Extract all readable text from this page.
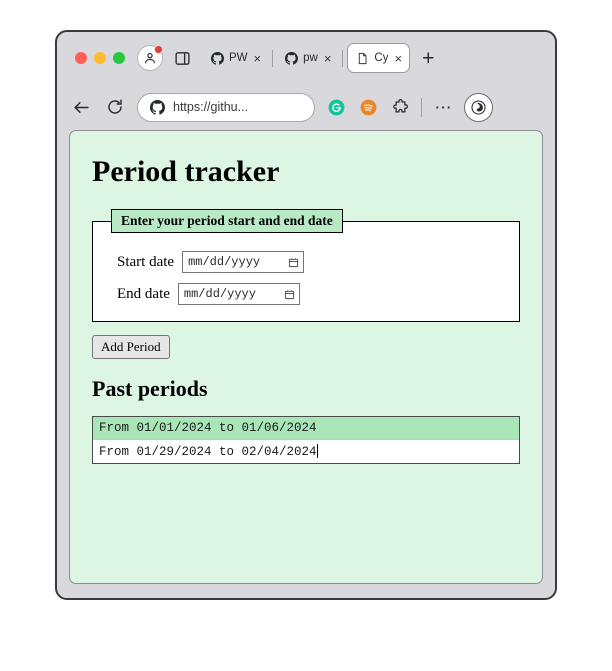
PW ×	pw ×	Cy × +
https://githu...	⋯
Period tracker
Enter your period start and end date
Start date mm/dd/yyyy
End date mm/dd/yyyy
Add Period
Past periods
From 01/01/2024 to 01/06/2024
From 01/29/2024 to 02/04/2024
